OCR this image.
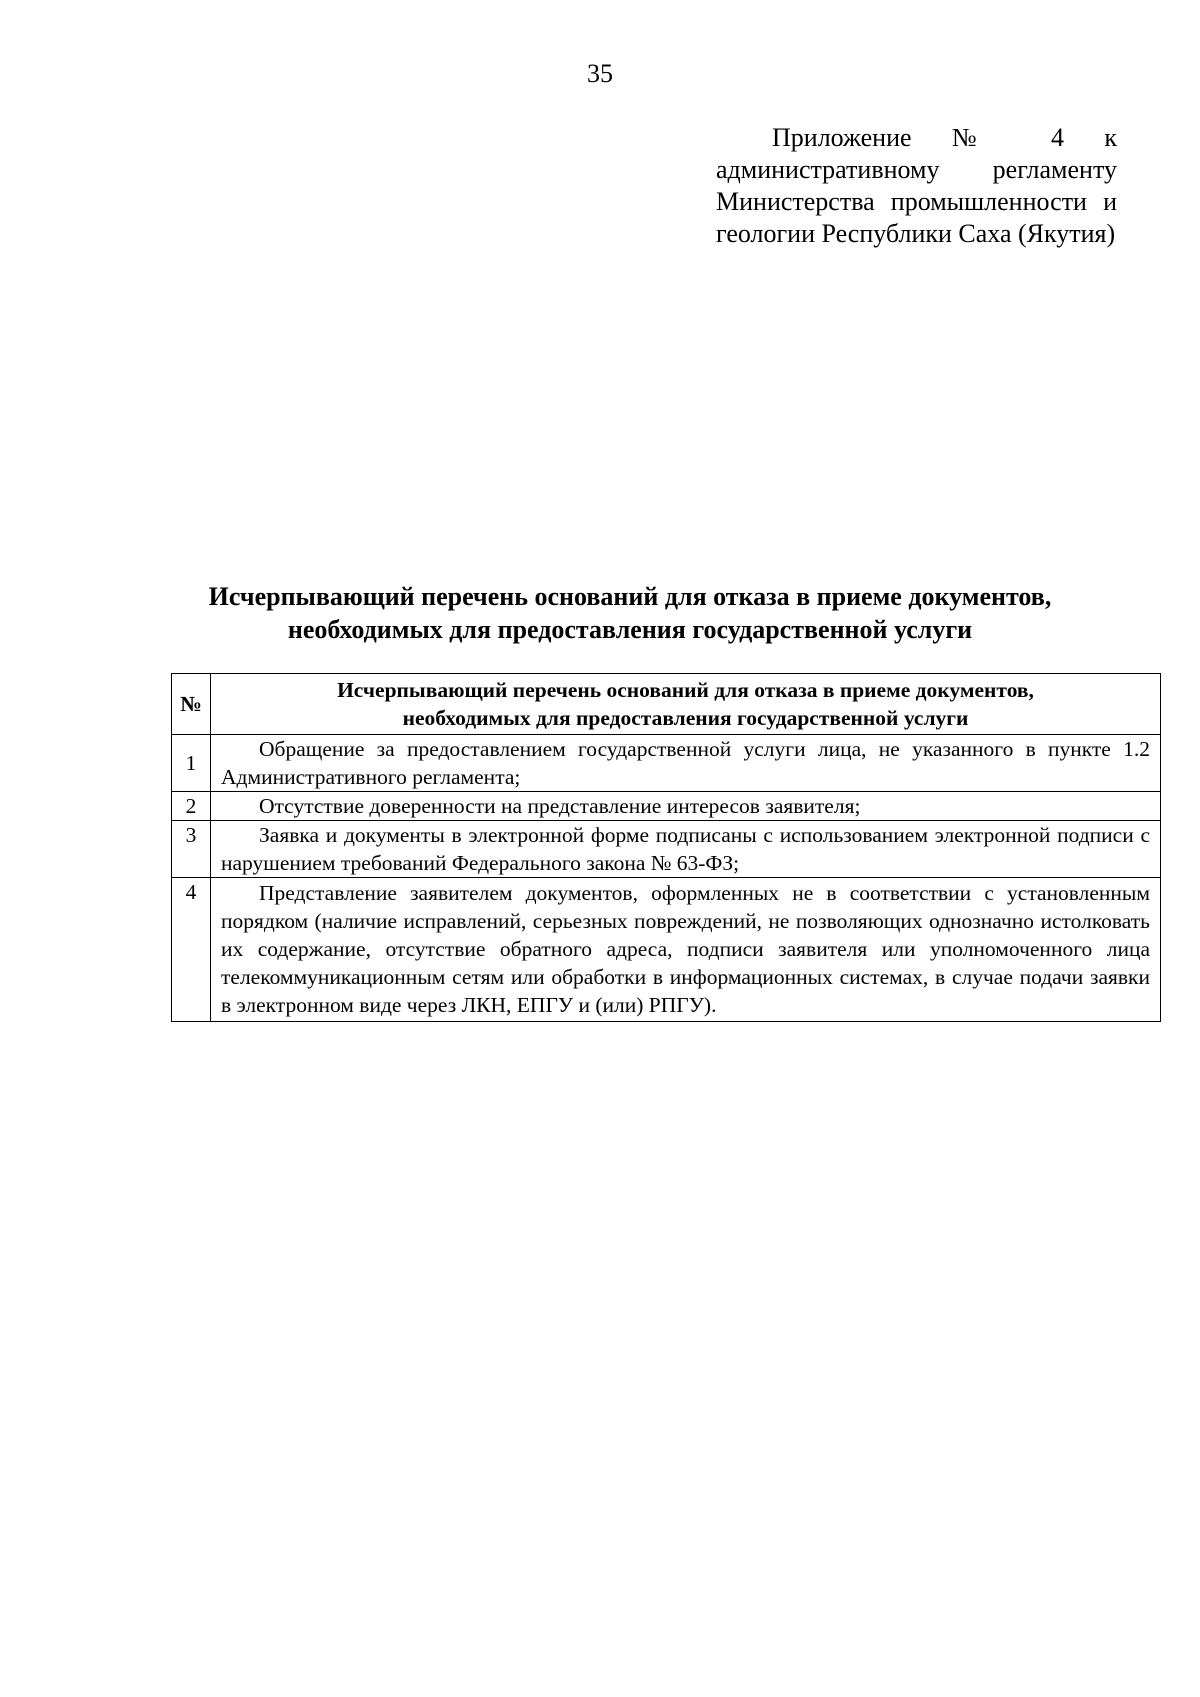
35
Приложение № 4 к административному регламенту Министерства промышленности и геологии Республики Саха (Якутия)
Исчерпывающий перечень оснований для отказа в приеме документов,
необходимых для предоставления государственной услуги
№	Исчерпывающий перечень оснований для отказа в приеме документов,
необходимых для предоставления государственной услуги
1	Обращение за предоставлением государственной услуги лица, не указанного в пункте 1.2 Административного регламента;
2	Отсутствие доверенности на представление интересов заявителя;
3	Заявка и документы в электронной форме подписаны с использованием электронной подписи с нарушением требований Федерального закона № 63-ФЗ;
4	Представление заявителем документов, оформленных не в соответствии с установленным порядком (наличие исправлений, серьезных повреждений, не позволяющих однозначно истолковать их содержание, отсутствие обратного адреса, подписи заявителя или уполномоченного лица телекоммуникационным сетям или обработки в информационных системах, в случае подачи заявки в электронном виде через ЛКН, ЕПГУ и (или) РПГУ).
